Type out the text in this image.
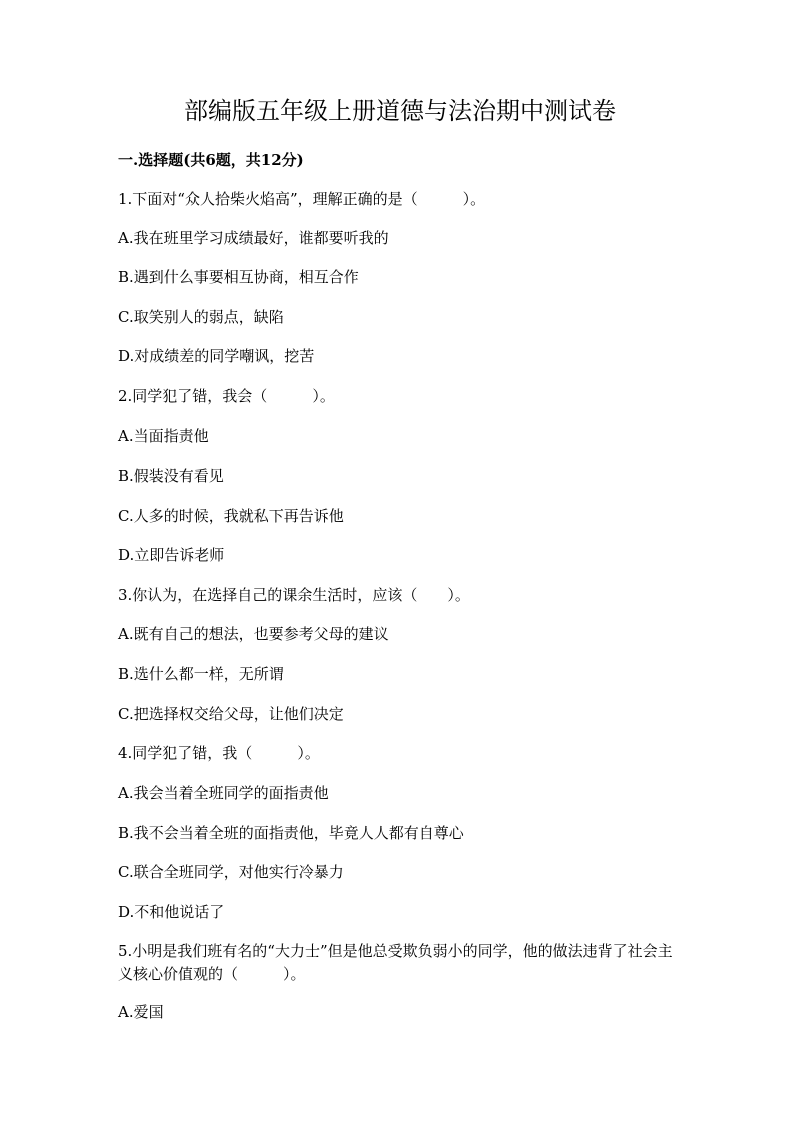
部编版五年级上册道德与法治期中测试卷

一.选择题(共6题，共12分)

1.下面对“众人拾柴火焰高”，理解正确的是（　　　）。

A.我在班里学习成绩最好，谁都要听我的

B.遇到什么事要相互协商，相互合作

C.取笑别人的弱点，缺陷

D.对成绩差的同学嘲讽，挖苦

2.同学犯了错，我会（　　　）。

A.当面指责他

B.假装没有看见

C.人多的时候，我就私下再告诉他

D.立即告诉老师

3.你认为，在选择自己的课余生活时，应该（　　）。

A.既有自己的想法，也要参考父母的建议

B.选什么都一样，无所谓

C.把选择权交给父母，让他们决定

4.同学犯了错，我（　　　）。

A.我会当着全班同学的面指责他

B.我不会当着全班的面指责他，毕竟人人都有自尊心

C.联合全班同学，对他实行冷暴力

D.不和他说话了

5.小明是我们班有名的“大力士”但是他总受欺负弱小的同学，他的做法违背了社会主义核心价值观的（　　　）。

A.爱国
